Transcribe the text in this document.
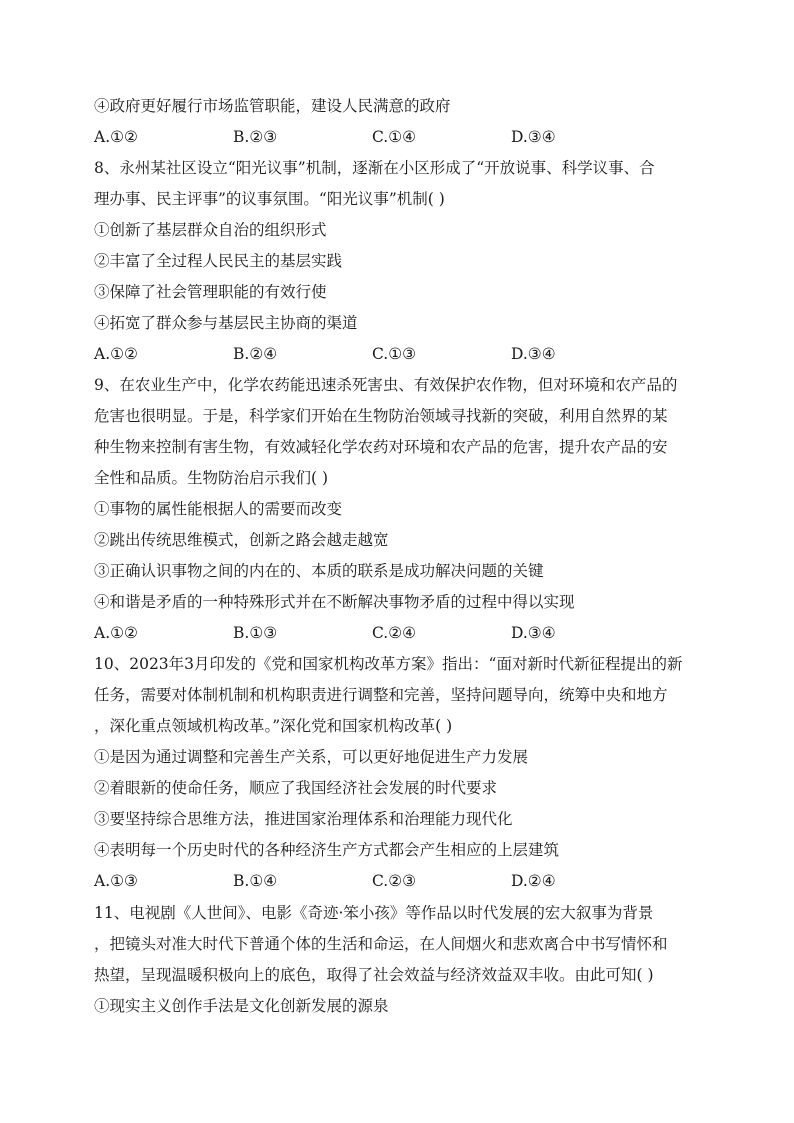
④政府更好履行市场监管职能，建设人民满意的政府
A.①②	B.②③	C.①④	D.③④
8、永州某社区设立“阳光议事”机制，逐渐在小区形成了“开放说事、科学议事、合
理办事、民主评事”的议事氛围。“阳光议事”机制( )
①创新了基层群众自治的组织形式
②丰富了全过程人民民主的基层实践
③保障了社会管理职能的有效行使
④拓宽了群众参与基层民主协商的渠道
A.①②	B.②④	C.①③	D.③④
9、在农业生产中，化学农药能迅速杀死害虫、有效保护农作物，但对环境和农产品的
危害也很明显。于是，科学家们开始在生物防治领域寻找新的突破，利用自然界的某
种生物来控制有害生物，有效减轻化学农药对环境和农产品的危害，提升农产品的安
全性和品质。生物防治启示我们( )
①事物的属性能根据人的需要而改变
②跳出传统思维模式，创新之路会越走越宽
③正确认识事物之间的内在的、本质的联系是成功解决问题的关键
④和谐是矛盾的一种特殊形式并在不断解决事物矛盾的过程中得以实现
A.①②	B.①③	C.②④	D.③④
10、2023年3月印发的《党和国家机构改革方案》指出：“面对新时代新征程提出的新
任务，需要对体制机制和机构职责进行调整和完善，坚持问题导向，统筹中央和地方
，深化重点领域机构改革。”深化党和国家机构改革( )
①是因为通过调整和完善生产关系，可以更好地促进生产力发展
②着眼新的使命任务，顺应了我国经济社会发展的时代要求
③要坚持综合思维方法，推进国家治理体系和治理能力现代化
④表明每一个历史时代的各种经济生产方式都会产生相应的上层建筑
A.①③	B.①④	C.②③	D.②④
11、电视剧《人世间》、电影《奇迹·笨小孩》等作品以时代发展的宏大叙事为背景
，把镜头对准大时代下普通个体的生活和命运，在人间烟火和悲欢离合中书写情怀和
热望，呈现温暖积极向上的底色，取得了社会效益与经济效益双丰收。由此可知( )
①现实主义创作手法是文化创新发展的源泉
